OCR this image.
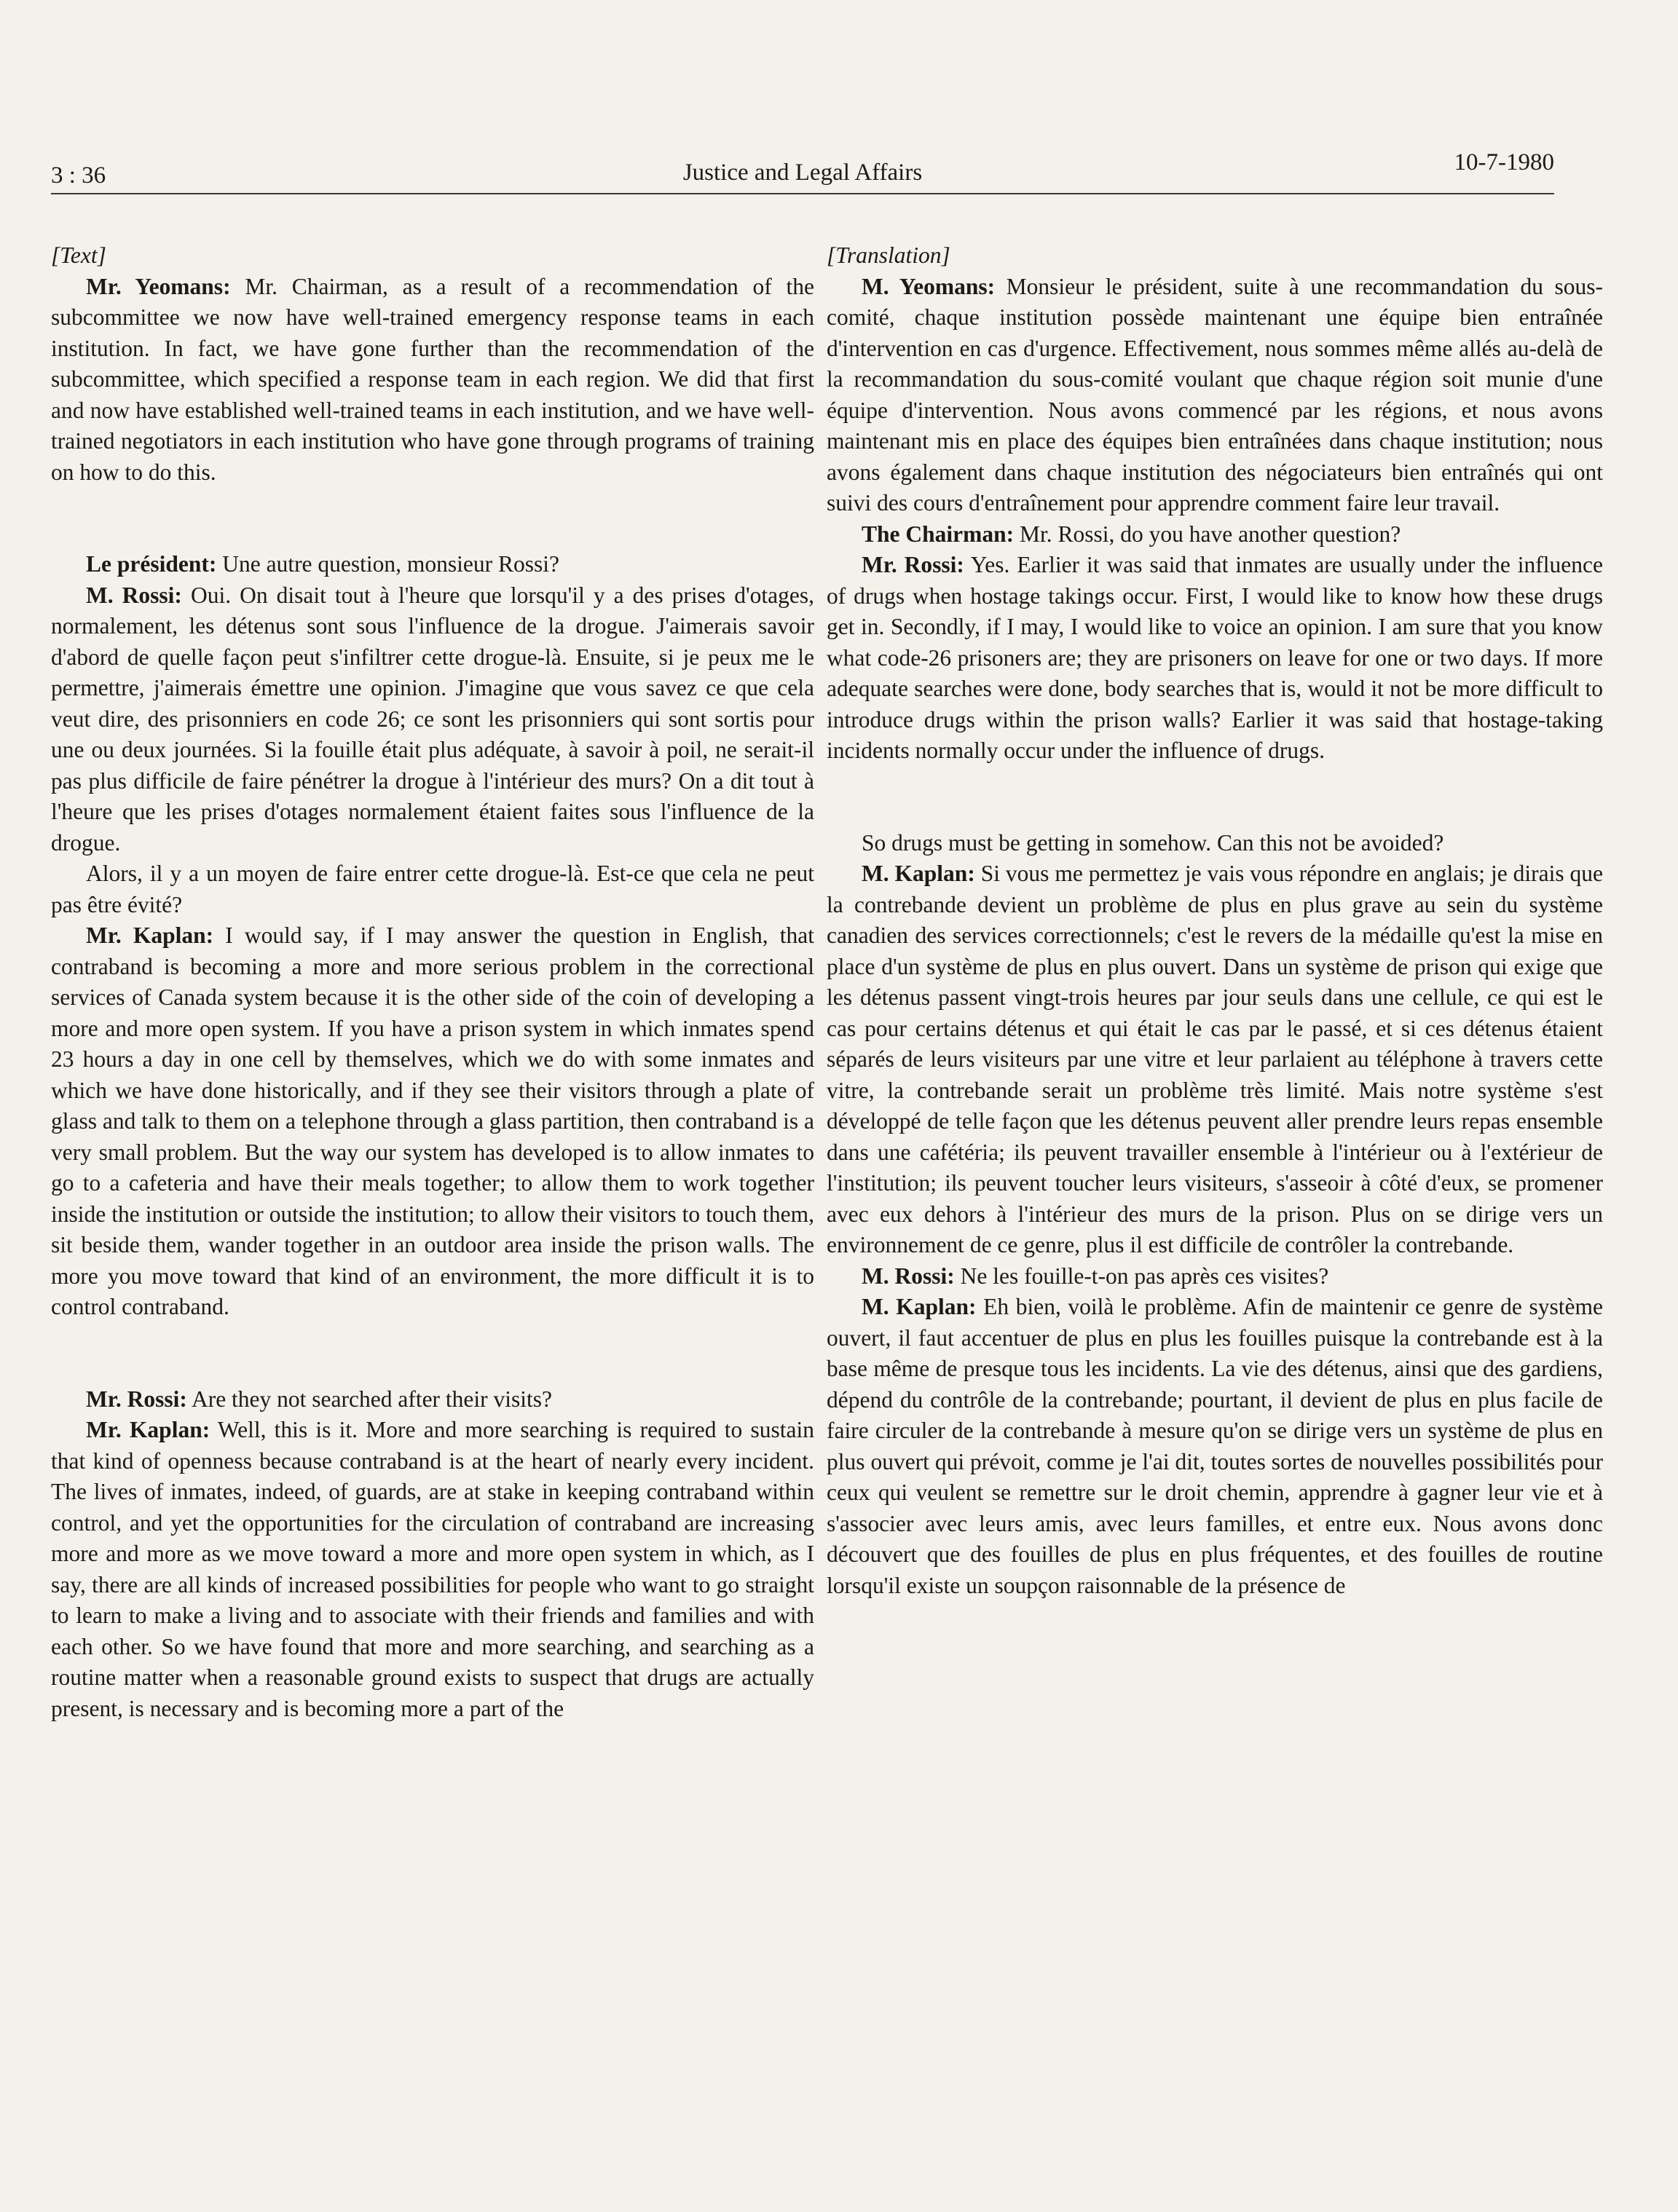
3 : 36	Justice and Legal Affairs	10-7-1980

[Text]

Mr. Yeomans: Mr. Chairman, as a result of a recommendation of the subcommittee we now have well-trained emergency response teams in each institution. In fact, we have gone further than the recommendation of the subcommittee, which specified a response team in each region. We did that first and now have established well-trained teams in each institution, and we have well-trained negotiators in each institution who have gone through programs of training on how to do this.

Le président: Une autre question, monsieur Rossi?

M. Rossi: Oui. On disait tout à l'heure que lorsqu'il y a des prises d'otages, normalement, les détenus sont sous l'influence de la drogue. J'aimerais savoir d'abord de quelle façon peut s'infiltrer cette drogue-là. Ensuite, si je peux me le permettre, j'aimerais émettre une opinion. J'imagine que vous savez ce que cela veut dire, des prisonniers en code 26; ce sont les prisonniers qui sont sortis pour une ou deux journées. Si la fouille était plus adéquate, à savoir à poil, ne serait-il pas plus difficile de faire pénétrer la drogue à l'intérieur des murs? On a dit tout à l'heure que les prises d'otages normalement étaient faites sous l'influence de la drogue.

Alors, il y a un moyen de faire entrer cette drogue-là. Est-ce que cela ne peut pas être évité?

Mr. Kaplan: I would say, if I may answer the question in English, that contraband is becoming a more and more serious problem in the correctional services of Canada system because it is the other side of the coin of developing a more and more open system. If you have a prison system in which inmates spend 23 hours a day in one cell by themselves, which we do with some inmates and which we have done historically, and if they see their visitors through a plate of glass and talk to them on a telephone through a glass partition, then contraband is a very small problem. But the way our system has developed is to allow inmates to go to a cafeteria and have their meals together; to allow them to work together inside the institution or outside the institution; to allow their visitors to touch them, sit beside them, wander together in an outdoor area inside the prison walls. The more you move toward that kind of an environment, the more difficult it is to control contraband.

Mr. Rossi: Are they not searched after their visits?

Mr. Kaplan: Well, this is it. More and more searching is required to sustain that kind of openness because contraband is at the heart of nearly every incident. The lives of inmates, indeed, of guards, are at stake in keeping contraband within control, and yet the opportunities for the circulation of contraband are increasing more and more as we move toward a more and more open system in which, as I say, there are all kinds of increased possibilities for people who want to go straight to learn to make a living and to associate with their friends and families and with each other. So we have found that more and more searching, and searching as a routine matter when a reasonable ground exists to suspect that drugs are actually present, is necessary and is becoming more a part of the

[Translation]

M. Yeomans: Monsieur le président, suite à une recommandation du sous-comité, chaque institution possède maintenant une équipe bien entraînée d'intervention en cas d'urgence. Effectivement, nous sommes même allés au-delà de la recommandation du sous-comité voulant que chaque région soit munie d'une équipe d'intervention. Nous avons commencé par les régions, et nous avons maintenant mis en place des équipes bien entraînées dans chaque institution; nous avons également dans chaque institution des négociateurs bien entraînés qui ont suivi des cours d'entraînement pour apprendre comment faire leur travail.

The Chairman: Mr. Rossi, do you have another question?

Mr. Rossi: Yes. Earlier it was said that inmates are usually under the influence of drugs when hostage takings occur. First, I would like to know how these drugs get in. Secondly, if I may, I would like to voice an opinion. I am sure that you know what code-26 prisoners are; they are prisoners on leave for one or two days. If more adequate searches were done, body searches that is, would it not be more difficult to introduce drugs within the prison walls? Earlier it was said that hostage-taking incidents normally occur under the influence of drugs.

So drugs must be getting in somehow. Can this not be avoided?

M. Kaplan: Si vous me permettez je vais vous répondre en anglais; je dirais que la contrebande devient un problème de plus en plus grave au sein du système canadien des services correctionnels; c'est le revers de la médaille qu'est la mise en place d'un système de plus en plus ouvert. Dans un système de prison qui exige que les détenus passent vingt-trois heures par jour seuls dans une cellule, ce qui est le cas pour certains détenus et qui était le cas par le passé, et si ces détenus étaient séparés de leurs visiteurs par une vitre et leur parlaient au téléphone à travers cette vitre, la contrebande serait un problème très limité. Mais notre système s'est développé de telle façon que les détenus peuvent aller prendre leurs repas ensemble dans une cafétéria; ils peuvent travailler ensemble à l'intérieur ou à l'extérieur de l'institution; ils peuvent toucher leurs visiteurs, s'asseoir à côté d'eux, se promener avec eux dehors à l'intérieur des murs de la prison. Plus on se dirige vers un environnement de ce genre, plus il est difficile de contrôler la contrebande.

M. Rossi: Ne les fouille-t-on pas après ces visites?

M. Kaplan: Eh bien, voilà le problème. Afin de maintenir ce genre de système ouvert, il faut accentuer de plus en plus les fouilles puisque la contrebande est à la base même de presque tous les incidents. La vie des détenus, ainsi que des gardiens, dépend du contrôle de la contrebande; pourtant, il devient de plus en plus facile de faire circuler de la contrebande à mesure qu'on se dirige vers un système de plus en plus ouvert qui prévoit, comme je l'ai dit, toutes sortes de nouvelles possibilités pour ceux qui veulent se remettre sur le droit chemin, apprendre à gagner leur vie et à s'associer avec leurs amis, avec leurs familles, et entre eux. Nous avons donc découvert que des fouilles de plus en plus fréquentes, et des fouilles de routine lorsqu'il existe un soupçon raisonnable de la présence de
